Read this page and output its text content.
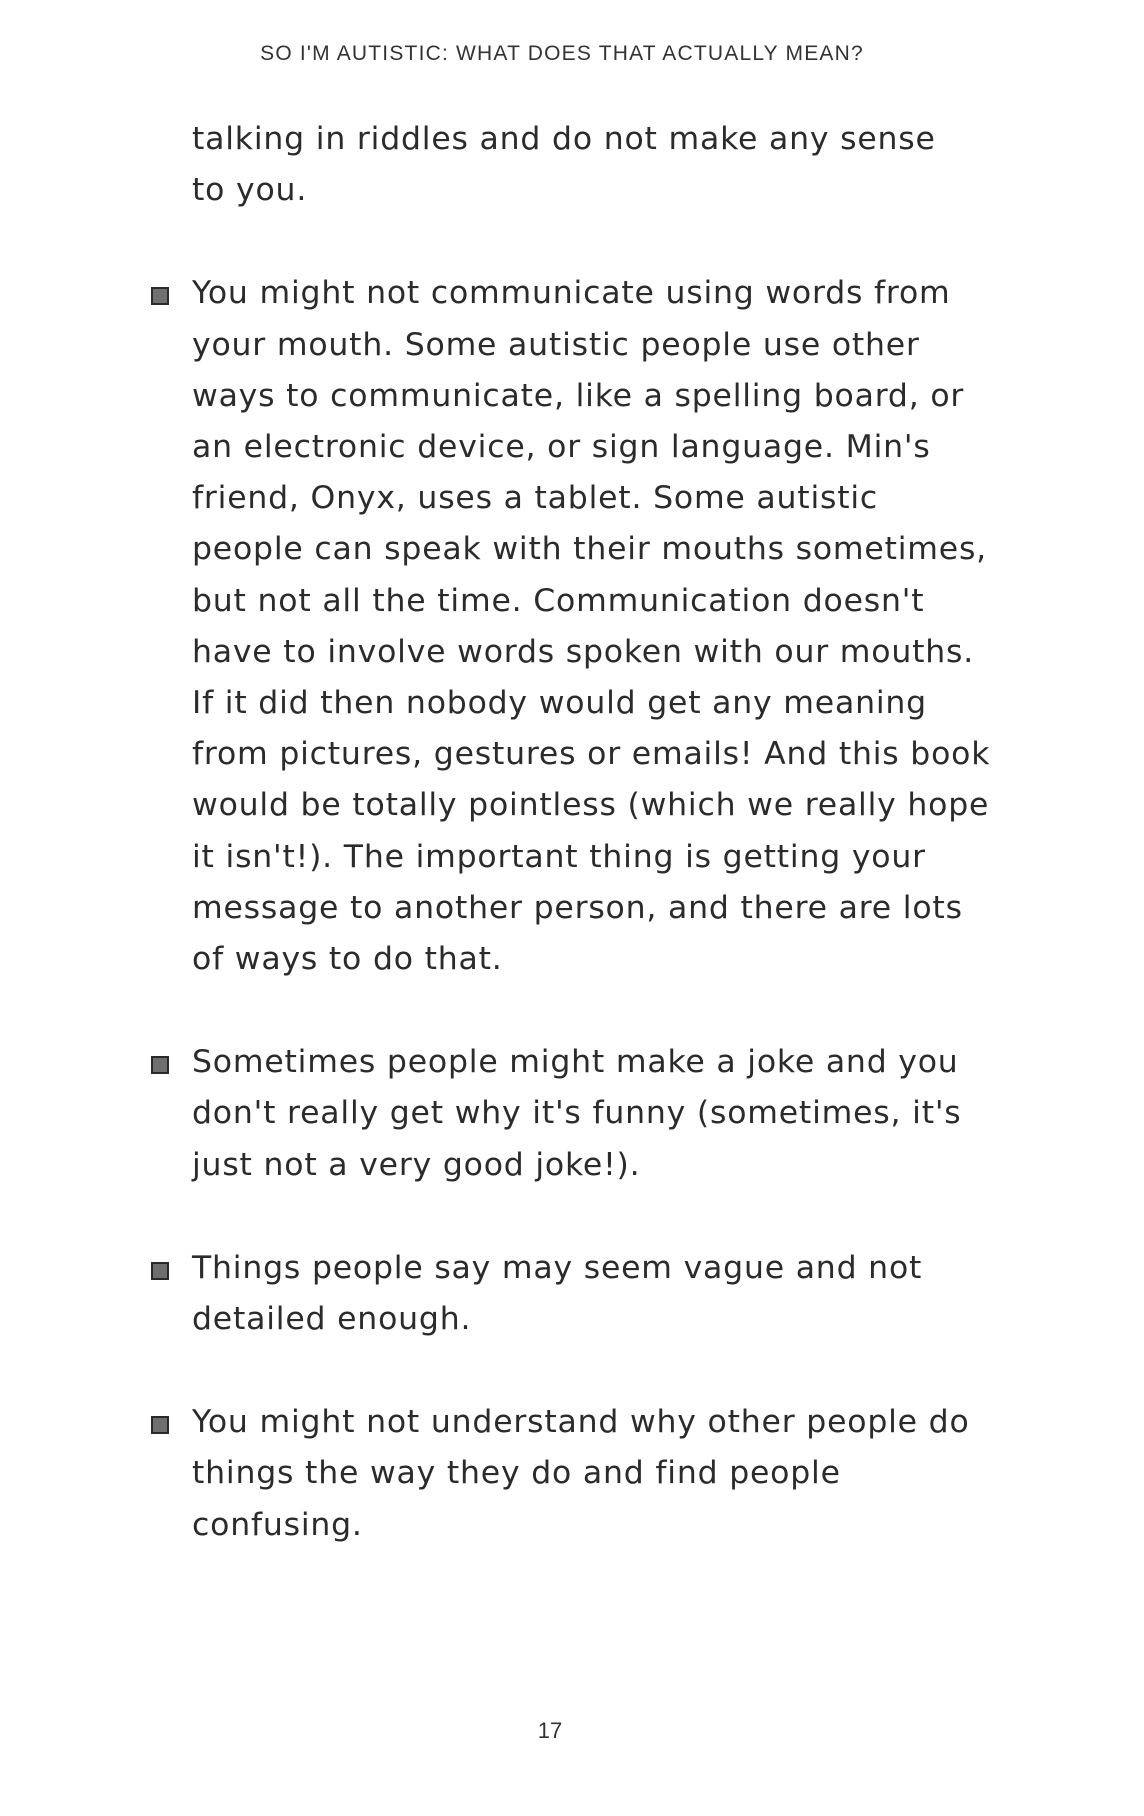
SO I'M AUTISTIC: WHAT DOES THAT ACTUALLY MEAN?

talking in riddles and do not make any sense to you.

You might not communicate using words from your mouth. Some autistic people use other ways to communicate, like a spelling board, or an electronic device, or sign language. Min's friend, Onyx, uses a tablet. Some autistic people can speak with their mouths sometimes, but not all the time. Communication doesn't have to involve words spoken with our mouths. If it did then nobody would get any meaning from pictures, gestures or emails! And this book would be totally pointless (which we really hope it isn't!). The important thing is getting your message to another person, and there are lots of ways to do that.

Sometimes people might make a joke and you don't really get why it's funny (sometimes, it's just not a very good joke!).

Things people say may seem vague and not detailed enough.

You might not understand why other people do things the way they do and find people confusing.

17
